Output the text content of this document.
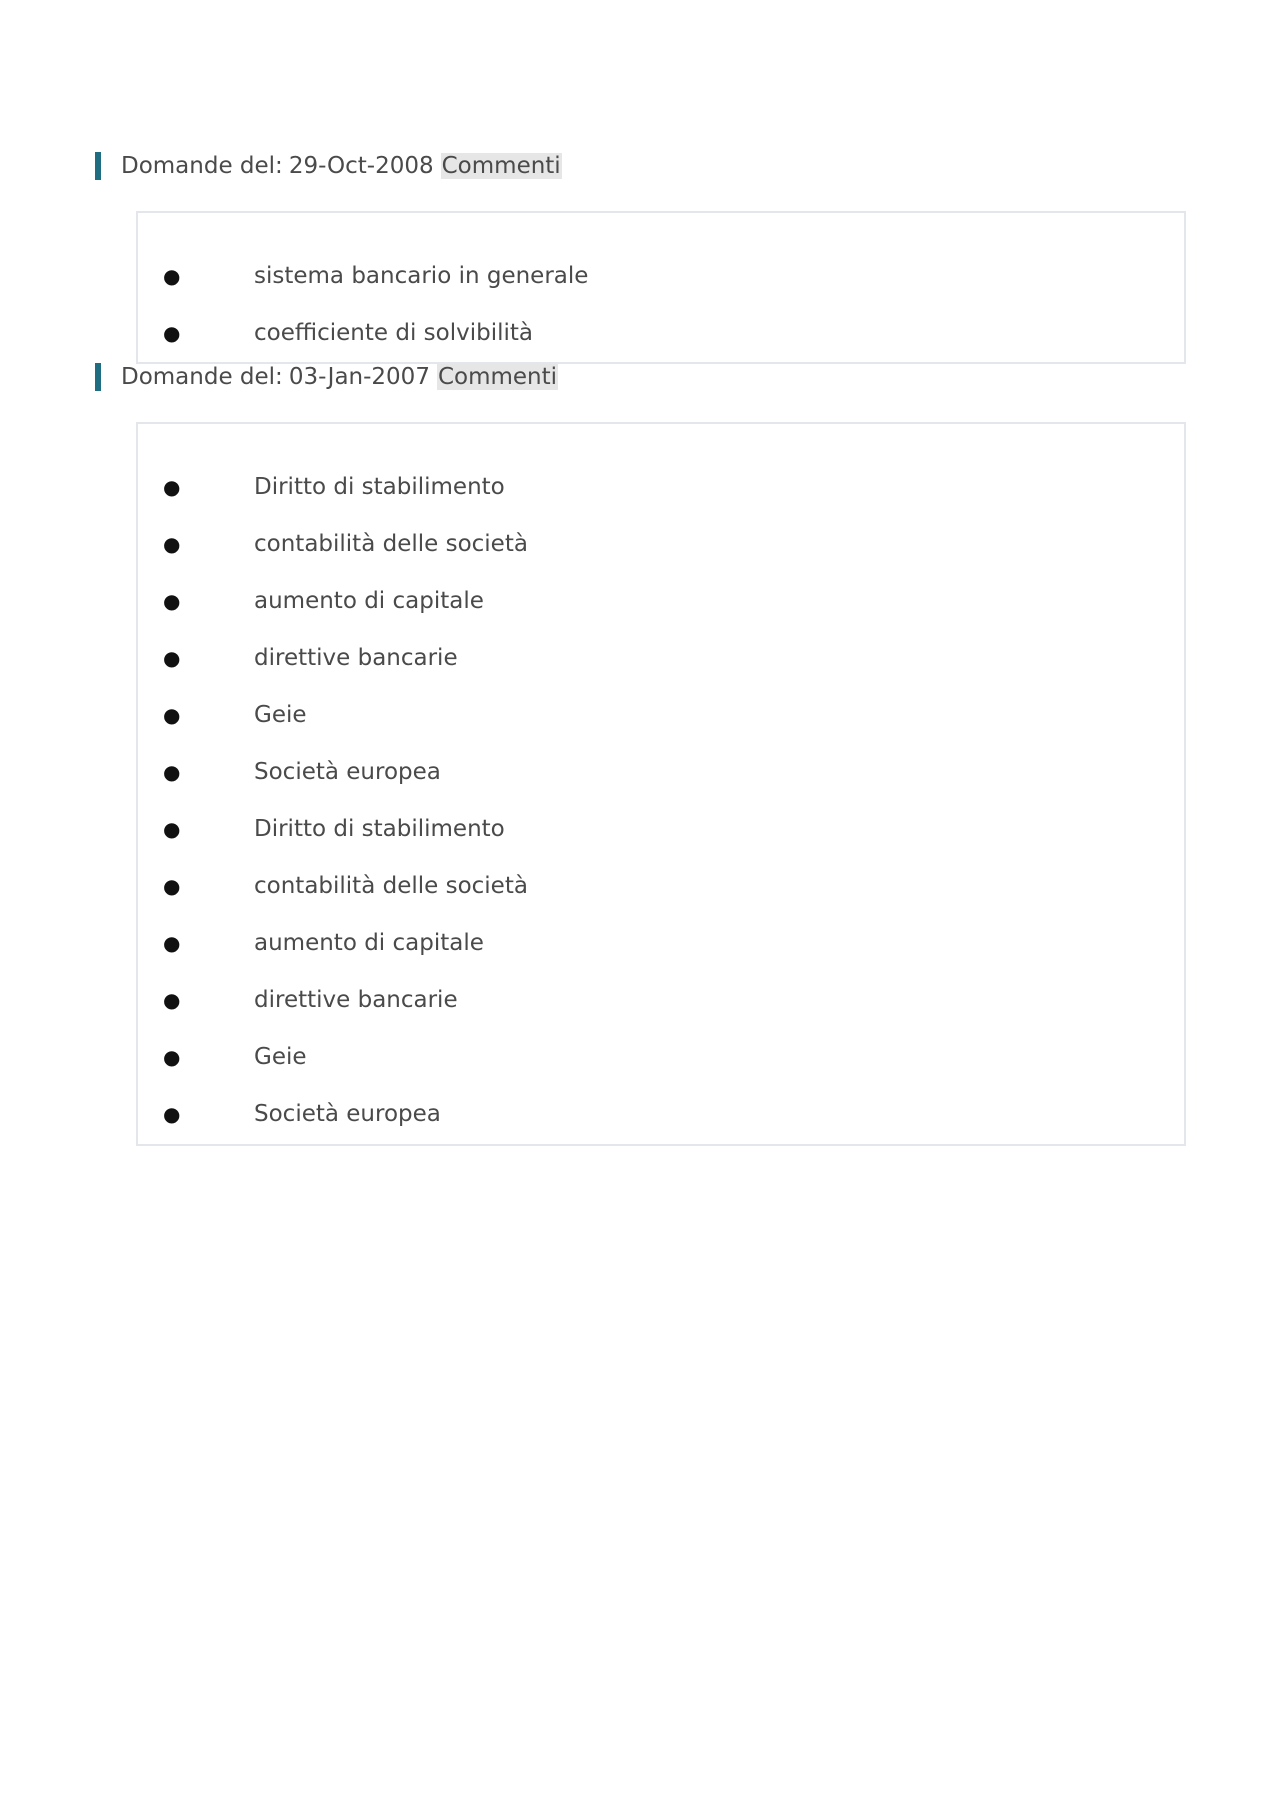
Domande del: 29-Oct-2008 Commenti
●	sistema bancario in generale
●	coefficiente di solvibilità
Domande del: 03-Jan-2007 Commenti
●	Diritto di stabilimento
●	contabilità delle società
●	aumento di capitale
●	direttive bancarie
●	Geie
●	Società europea
●	Diritto di stabilimento
●	contabilità delle società
●	aumento di capitale
●	direttive bancarie
●	Geie
●	Società europea
